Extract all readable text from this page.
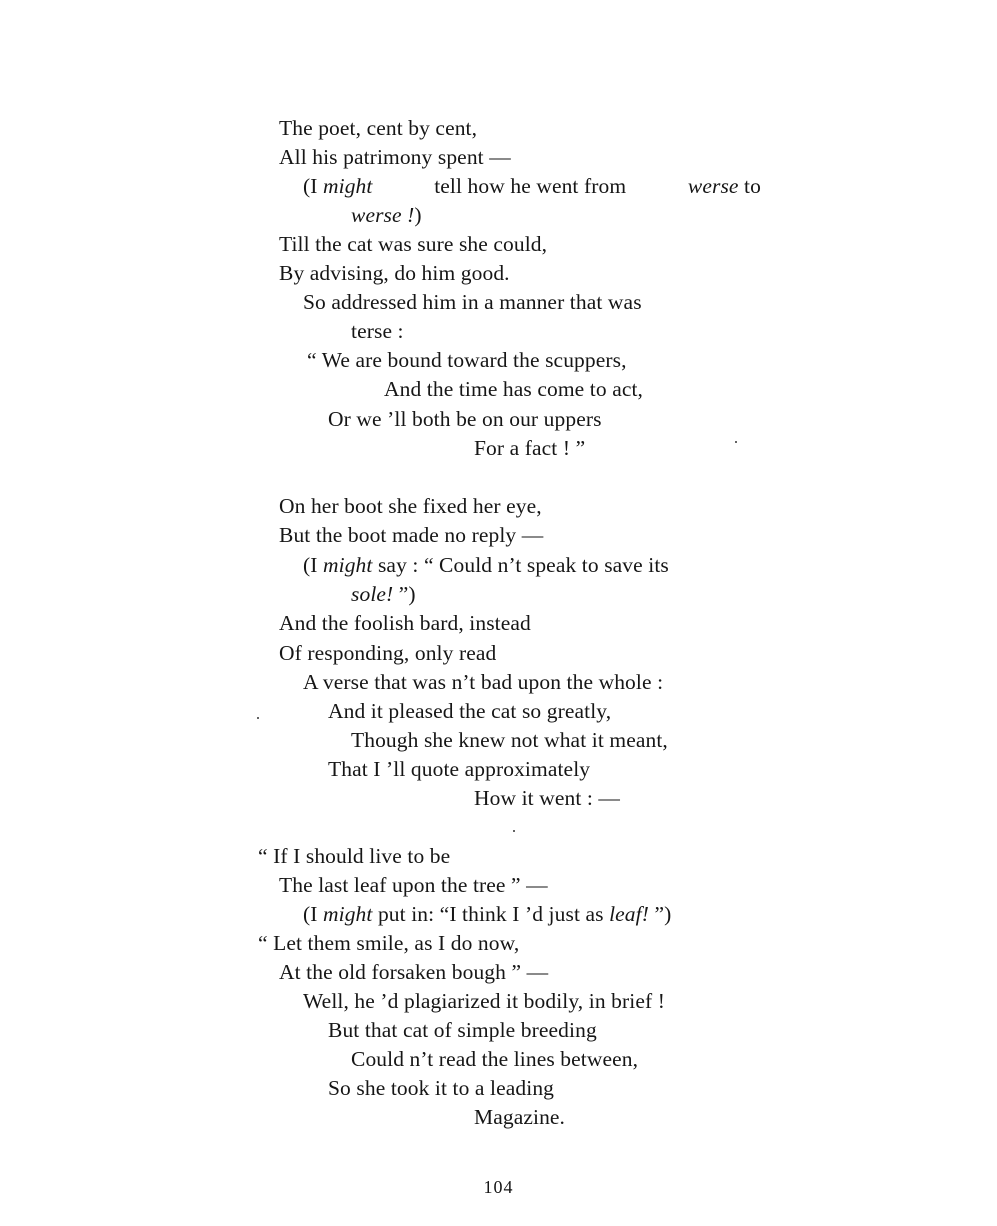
The poet, cent by cent,
All his patrimony spent —
(I might	tell how he went from	werse to
werse !)
Till the cat was sure she could,
By advising, do him good.
So addressed him in a manner that was
terse :
“ We are bound toward the scuppers,
And the time has come to act,
Or we ’ll both be on our uppers
For a fact ! ”
On her boot she fixed her eye,
But the boot made no reply —
(I might say : “ Could n’t speak to save its
sole! ”)
And the foolish bard, instead
Of responding, only read
A verse that was n’t bad upon the whole :
And it pleased the cat so greatly,
Though she knew not what it meant,
That I ’ll quote approximately
How it went : —
“ If I should live to be
The last leaf upon the tree ” —
(I might put in: “I think I ’d just as leaf! ”)
“ Let them smile, as I do now,
At the old forsaken bough ” —
Well, he ’d plagiarized it bodily, in brief !
But that cat of simple breeding
Could n’t read the lines between,
So she took it to a leading
Magazine.
104
